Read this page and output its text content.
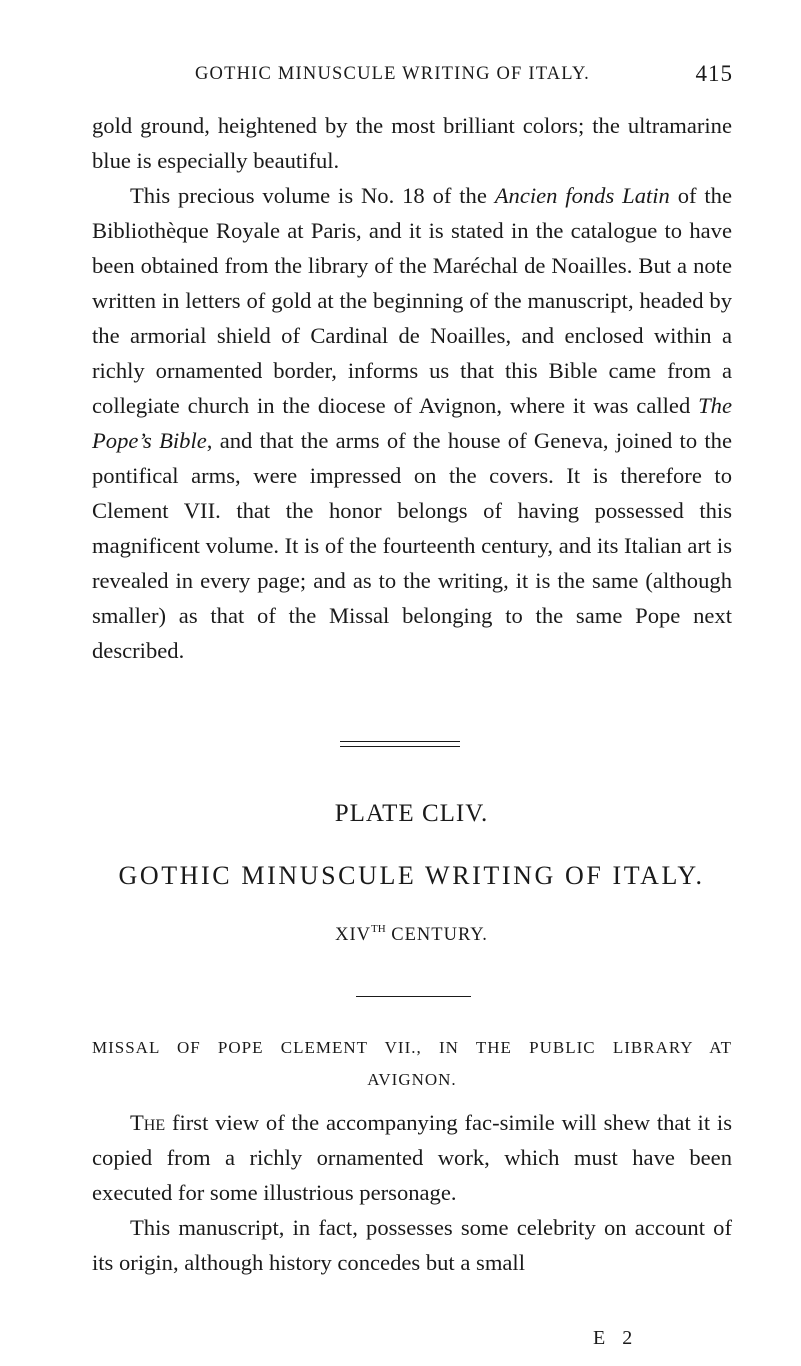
GOTHIC MINUSCULE WRITING OF ITALY.	415

gold ground, heightened by the most brilliant colors; the ultramarine blue is especially beautiful.

This precious volume is No. 18 of the Ancien fonds Latin of the Bibliothèque Royale at Paris, and it is stated in the catalogue to have been obtained from the library of the Maréchal de Noailles. But a note written in letters of gold at the beginning of the manuscript, headed by the armorial shield of Cardinal de Noailles, and enclosed within a richly ornamented border, informs us that this Bible came from a collegiate church in the diocese of Avignon, where it was called The Pope’s Bible, and that the arms of the house of Geneva, joined to the pontifical arms, were impressed on the covers. It is therefore to Clement VII. that the honor belongs of having possessed this magnificent volume. It is of the fourteenth century, and its Italian art is revealed in every page; and as to the writing, it is the same (although smaller) as that of the Missal belonging to the same Pope next described.

PLATE CLIV.
GOTHIC MINUSCULE WRITING OF ITALY.
XIVTH CENTURY.
MISSAL OF POPE CLEMENT VII., IN THE PUBLIC LIBRARY AT
AVIGNON.

The first view of the accompanying fac-simile will shew that it is copied from a richly ornamented work, which must have been executed for some illustrious personage.

This manuscript, in fact, possesses some celebrity on account of its origin, although history concedes but a small

E 2
